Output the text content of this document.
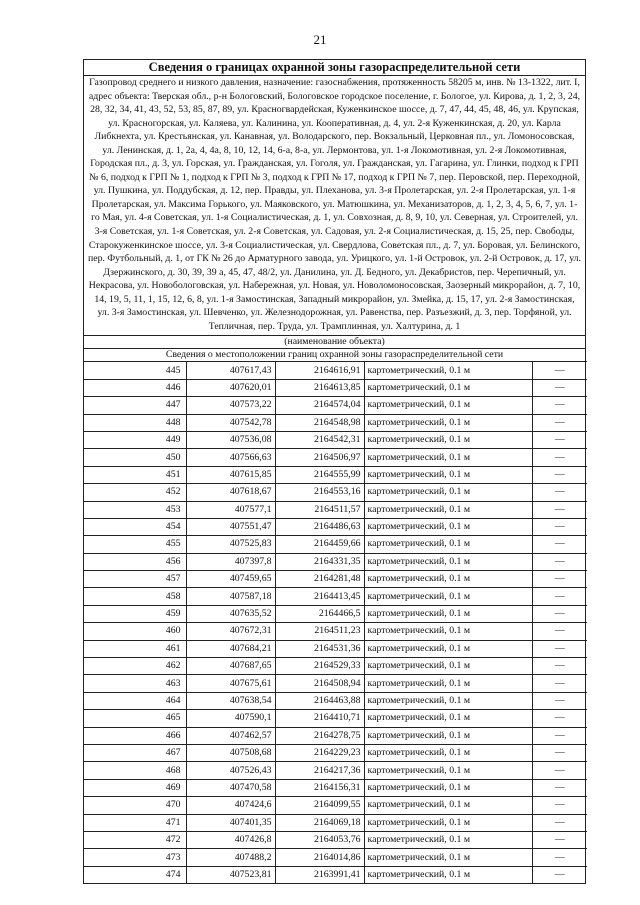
21
Сведения о границах охранной зоны газораспределительной сети
Газопровод среднего и низкого давления, назначение: газоснабжения, протяженность 58205 м, инв. № 13-1322, лит. I, адрес объекта: Тверская обл., р-н Бологовский, Бологовское городское поселение, г. Бологое, ул. Кирова, д. 1, 2, 3, 24, 28, 32, 34, 41, 43, 52, 53, 85, 87, 89, ул. Красногвардейская, Куженкинское шоссе, д. 7, 47, 44, 45, 48, 46, ул. Крупская, ул. Красногорская, ул. Каляева, ул. Калинина, ул. Кооперативная, д. 4, ул. 2-я Куженкинская, д. 20, ул. Карла Либкнехта, ул. Крестьянская, ул. Канавная, ул. Володарского, пер. Вокзальный, Церковная пл., ул. Ломоносовская, ул. Ленинская, д. 1, 2а, 4, 4а, 8, 10, 12, 14, 6-а, 8-а, ул. Лермонтова, ул. 1-я Локомотивная, ул. 2-я Локомотивная, Городская пл., д. 3, ул. Горская, ул. Гражданская, ул. Гоголя, ул. Гражданская, ул. Гагарина, ул. Глинки, подход к ГРП № 6, подход к ГРП № 1, подход к ГРП № 3, подход к ГРП № 17, подход к ГРП № 7, пер. Перовской, пер. Переходной, ул. Пушкина, ул. Поддубская, д. 12, пер. Правды, ул. Плеханова, ул. 3-я Пролетарская, ул. 2-я Пролетарская, ул. 1-я Пролетарская, ул. Максима Горького, ул. Маяковского, ул. Матюшкина, ул. Механизаторов, д. 1, 2, 3, 4, 5, 6, 7, ул. 1-го Мая, ул. 4-я Советская, ул. 1-я Социалистическая, д. 1, ул. Совхозная, д. 8, 9, 10, ул. Северная, ул. Строителей, ул. 3-я Советская, ул. 1-я Советская, ул. 2-я Советская, ул. Садовая, ул. 2-я Социалистическая, д. 15, 25, пер. Свободы, Старокуженкинское шоссе, ул. 3-я Социалистическая, ул. Свердлова, Советская пл., д. 7, ул. Боровая, ул. Белинского, пер. Футбольный, д. 1, от ГК № 26 до Арматурного завода, ул. Урицкого, ул. 1-й Островок, ул. 2-й Островок, д. 17, ул. Дзержинского, д. 30, 39, 39 а, 45, 47, 48/2, ул. Данилина, ул. Д. Бедного, ул. Декабристов, пер. Черепичный, ул. Некрасова, ул. Новобологовская, ул. Набережная, ул. Новая, ул. Новоломоносовская, Заозерный микрорайон, д. 7, 10, 14, 19, 5, 11, 1, 15, 12, 6, 8, ул. 1-я Замостинская, Западный микрорайон, ул. Змейка, д. 15, 17, ул. 2-я Замостинская, ул. 3-я Замостинская, ул. Шевченко, ул. Железнодорожная, ул. Равенства, пер. Разъезжий, д. 3, пер. Торфяной, ул. Тепличная, пер. Труда, ул. Трамплинная, ул. Халтурина, д. 1
(наименование объекта)
Сведения о местоположении границ охранной зоны газораспределительной сети
445	407617,43	2164616,91	картометрический, 0.1 м	—
446	407620,01	2164613,85	картометрический, 0.1 м	—
447	407573,22	2164574,04	картометрический, 0.1 м	—
448	407542,78	2164548,98	картометрический, 0.1 м	—
449	407536,08	2164542,31	картометрический, 0.1 м	—
450	407566,63	2164506,97	картометрический, 0.1 м	—
451	407615,85	2164555,99	картометрический, 0.1 м	—
452	407618,67	2164553,16	картометрический, 0.1 м	—
453	407577,1	2164511,57	картометрический, 0.1 м	—
454	407551,47	2164486,63	картометрический, 0.1 м	—
455	407525,83	2164459,66	картометрический, 0.1 м	—
456	407397,8	2164331,35	картометрический, 0.1 м	—
457	407459,65	2164281,48	картометрический, 0.1 м	—
458	407587,18	2164413,45	картометрический, 0.1 м	—
459	407635,52	2164466,5	картометрический, 0.1 м	—
460	407672,31	2164511,23	картометрический, 0.1 м	—
461	407684,21	2164531,36	картометрический, 0.1 м	—
462	407687,65	2164529,33	картометрический, 0.1 м	—
463	407675,61	2164508,94	картометрический, 0.1 м	—
464	407638,54	2164463,88	картометрический, 0.1 м	—
465	407590,1	2164410,71	картометрический, 0.1 м	—
466	407462,57	2164278,75	картометрический, 0.1 м	—
467	407508,68	2164229,23	картометрический, 0.1 м	—
468	407526,43	2164217,36	картометрический, 0.1 м	—
469	407470,58	2164156,31	картометрический, 0.1 м	—
470	407424,6	2164099,55	картометрический, 0.1 м	—
471	407401,35	2164069,18	картометрический, 0.1 м	—
472	407426,8	2164053,76	картометрический, 0.1 м	—
473	407488,2	2164014,86	картометрический, 0.1 м	—
474	407523,81	2163991,41	картометрический, 0.1 м	—
